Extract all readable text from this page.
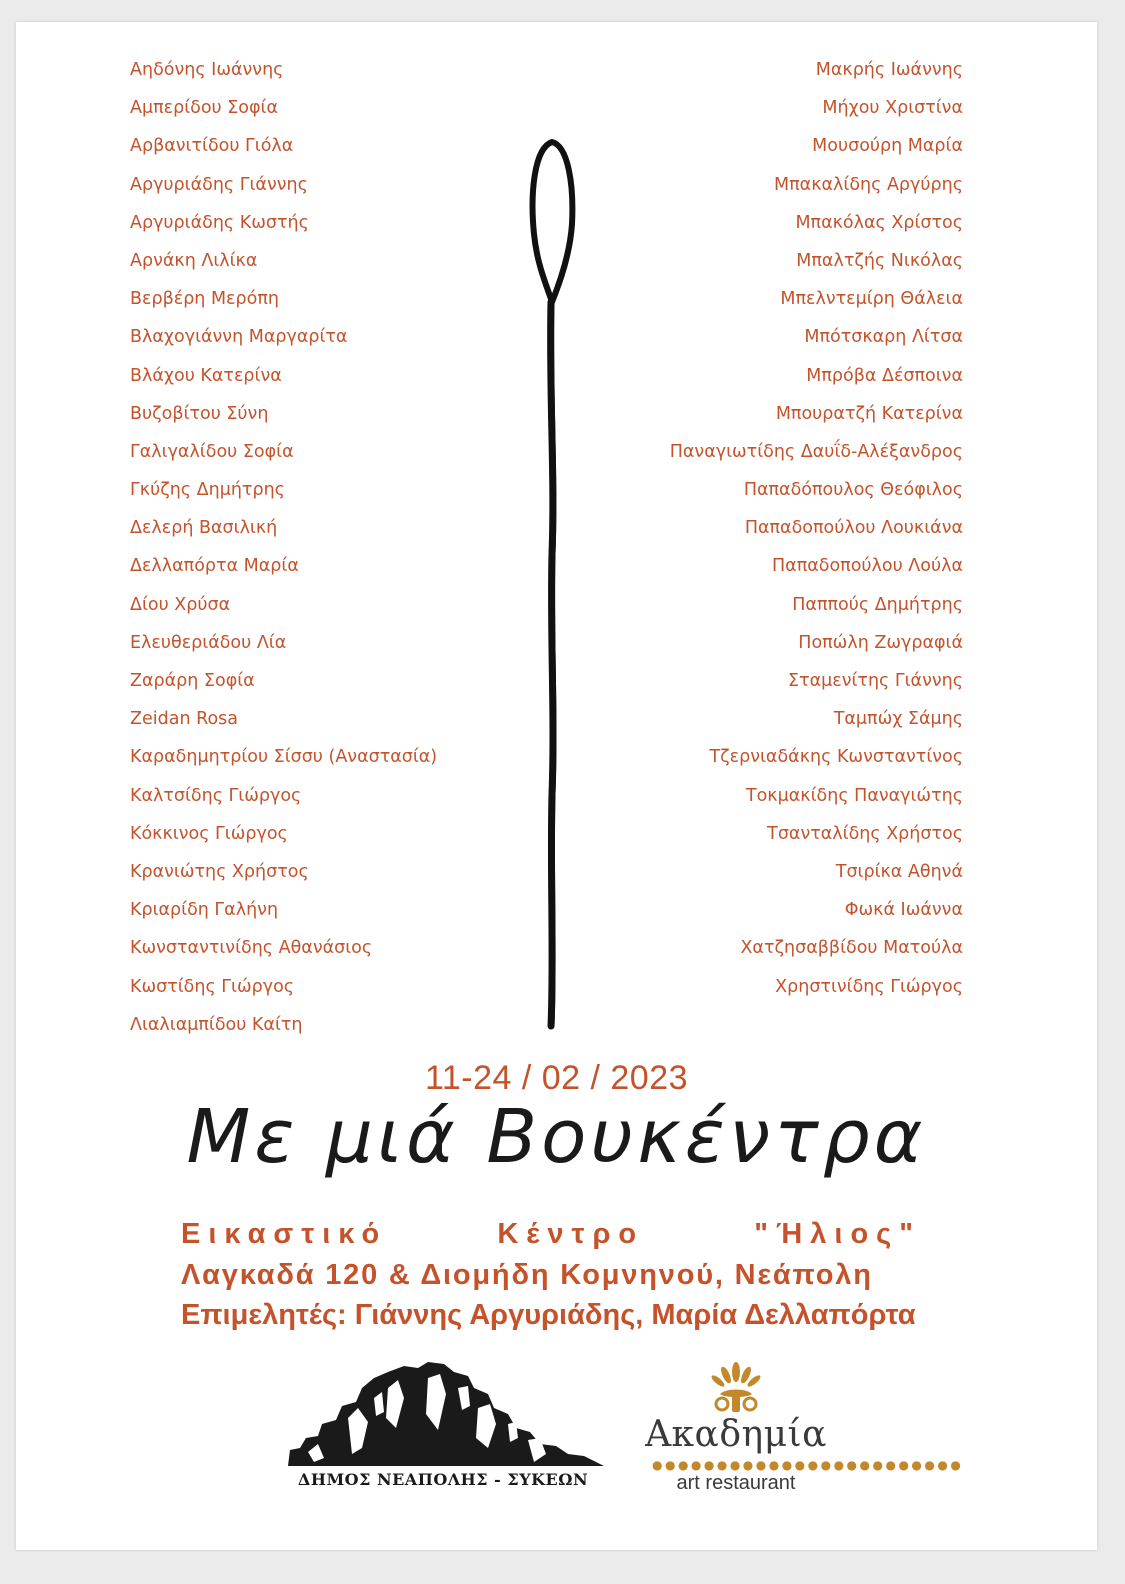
Αηδόνης Ιωάννης
Αμπερίδου Σοφία
Αρβανιτίδου Γιόλα
Αργυριάδης Γιάννης
Αργυριάδης Κωστής
Αρνάκη Λιλίκα
Βερβέρη Μερόπη
Βλαχογιάννη Μαργαρίτα
Βλάχου Κατερίνα
Βυζοβίτου Σύνη
Γαλιγαλίδου Σοφία
Γκύζης Δημήτρης
Δελερή Βασιλική
Δελλαπόρτα Μαρία
Δίου Χρύσα
Ελευθεριάδου Λία
Ζαράρη Σοφία
Zeidan Rosa
Καραδημητρίου Σίσσυ (Αναστασία)
Καλτσίδης Γιώργος
Κόκκινος Γιώργος
Κρανιώτης Χρήστος
Κριαρίδη Γαλήνη
Κωνσταντινίδης Αθανάσιος
Κωστίδης Γιώργος
Λιαλιαμπίδου Καίτη
Μακρής Ιωάννης
Μήχου Χριστίνα
Μουσούρη Μαρία
Μπακαλίδης Αργύρης
Μπακόλας Χρίστος
Μπαλτζής Νικόλας
Μπελντεμίρη Θάλεια
Μπότσκαρη Λίτσα
Μπρόβα Δέσποινα
Μπουρατζή Κατερίνα
Παναγιωτίδης Δαυΐδ-Αλέξανδρος
Παπαδόπουλος Θεόφιλος
Παπαδοπούλου Λουκιάνα
Παπαδοπούλου Λούλα
Παππούς Δημήτρης
Ποπώλη Ζωγραφιά
Σταμενίτης Γιάννης
Ταμπώχ Σάμης
Τζερνιαδάκης Κωνσταντίνος
Τοκμακίδης Παναγιώτης
Τσανταλίδης Χρήστος
Τσιρίκα Αθηνά
Φωκά Ιωάννα
Χατζησαββίδου Ματούλα
Χρηστινίδης Γιώργος
11-24 / 02 / 2023
Με μιά Βουκέντρα
Εικαστικό	Κέντρο	"Ήλιος"
Λαγκαδά 120 & Διομήδη Κομνηνού, Νεάπολη
Επιμελητές: Γιάννης Αργυριάδης, Μαρία Δελλαπόρτα
ΔΗΜΟΣ ΝΕΑΠΟΛΗΣ - ΣΥΚΕΩΝ
Ακαδημία
●●●●●●●●●●●●●●●●●●●●●●●●
art restaurant
